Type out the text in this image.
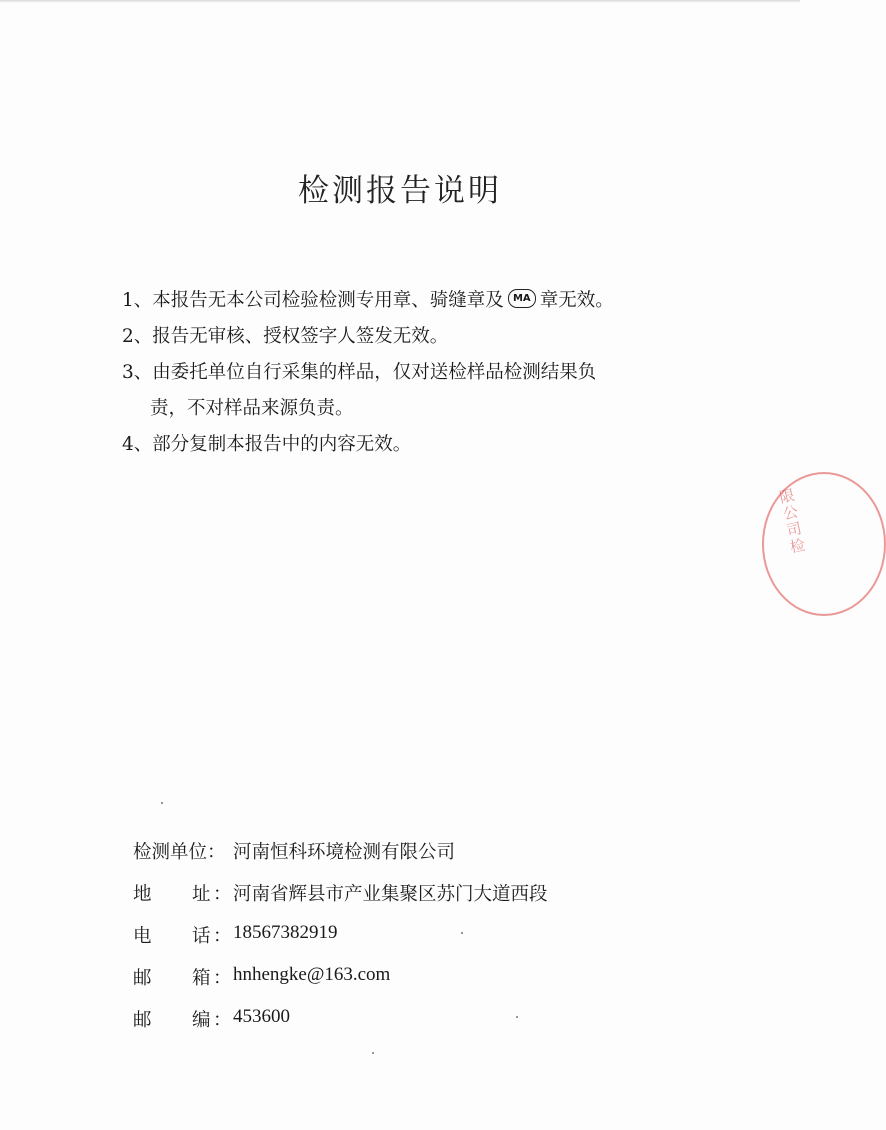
检测报告说明
1、本报告无本公司检验检测专用章、骑缝章及 MA 章无效。
2、报告无审核、授权签字人签发无效。
3、由委托单位自行采集的样品，仅对送检样品检测结果负
责，不对样品来源负责。
4、部分复制本报告中的内容无效。
检测单位： 河南恒科环境检测有限公司
地 址 ： 河南省辉县市产业集聚区苏门大道西段
电 话 ： 18567382919
邮 箱 ： hnhengke@163.com
邮 编 ： 453600
限公司检
